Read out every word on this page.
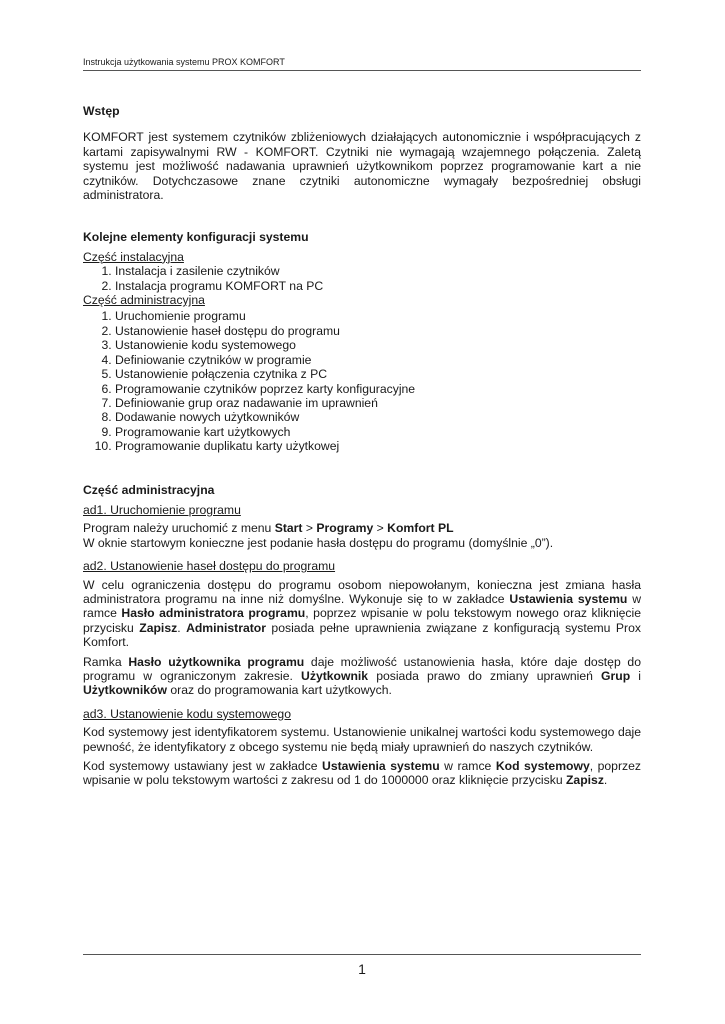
Instrukcja użytkowania systemu PROX KOMFORT
Wstęp

KOMFORT jest systemem czytników zbliżeniowych działających autonomicznie i współpracujących z kartami zapisywalnymi RW - KOMFORT. Czytniki nie wymagają wzajemnego połączenia. Zaletą systemu jest możliwość nadawania uprawnień użytkownikom poprzez programowanie kart a nie czytników. Dotychczasowe znane czytniki autonomiczne wymagały bezpośredniej obsługi administratora.

Kolejne elementy konfiguracji systemu
Część instalacyjna
1. Instalacja i zasilenie czytników
2. Instalacja programu KOMFORT na PC
Część administracyjna
1. Uruchomienie programu
2. Ustanowienie haseł dostępu do programu
3. Ustanowienie kodu systemowego
4. Definiowanie czytników w programie
5. Ustanowienie połączenia czytnika z PC
6. Programowanie czytników poprzez karty konfiguracyjne
7. Definiowanie grup oraz nadawanie im uprawnień
8. Dodawanie nowych użytkowników
9. Programowanie kart użytkowych
10. Programowanie duplikatu karty użytkowej
Część administracyjna
ad1. Uruchomienie programu

Program należy uruchomić z menu Start > Programy > Komfort PL

W oknie startowym konieczne jest podanie hasła dostępu do programu (domyślnie „0”).

ad2. Ustanowienie haseł dostępu do programu

W celu ograniczenia dostępu do programu osobom niepowołanym, konieczna jest zmiana hasła administratora programu na inne niż domyślne. Wykonuje się to w zakładce Ustawienia systemu w ramce Hasło administratora programu, poprzez wpisanie w polu tekstowym nowego oraz kliknięcie przycisku Zapisz. Administrator posiada pełne uprawnienia związane z konfiguracją systemu Prox Komfort.

Ramka Hasło użytkownika programu daje możliwość ustanowienia hasła, które daje dostęp do programu w ograniczonym zakresie. Użytkownik posiada prawo do zmiany uprawnień Grup i Użytkowników oraz do programowania kart użytkowych.

ad3. Ustanowienie kodu systemowego

Kod systemowy jest identyfikatorem systemu. Ustanowienie unikalnej wartości kodu systemowego daje pewność, że identyfikatory z obcego systemu nie będą miały uprawnień do naszych czytników.

Kod systemowy ustawiany jest w zakładce Ustawienia systemu w ramce Kod systemowy, poprzez wpisanie w polu tekstowym wartości z zakresu od 1 do 1000000 oraz kliknięcie przycisku Zapisz.

1
